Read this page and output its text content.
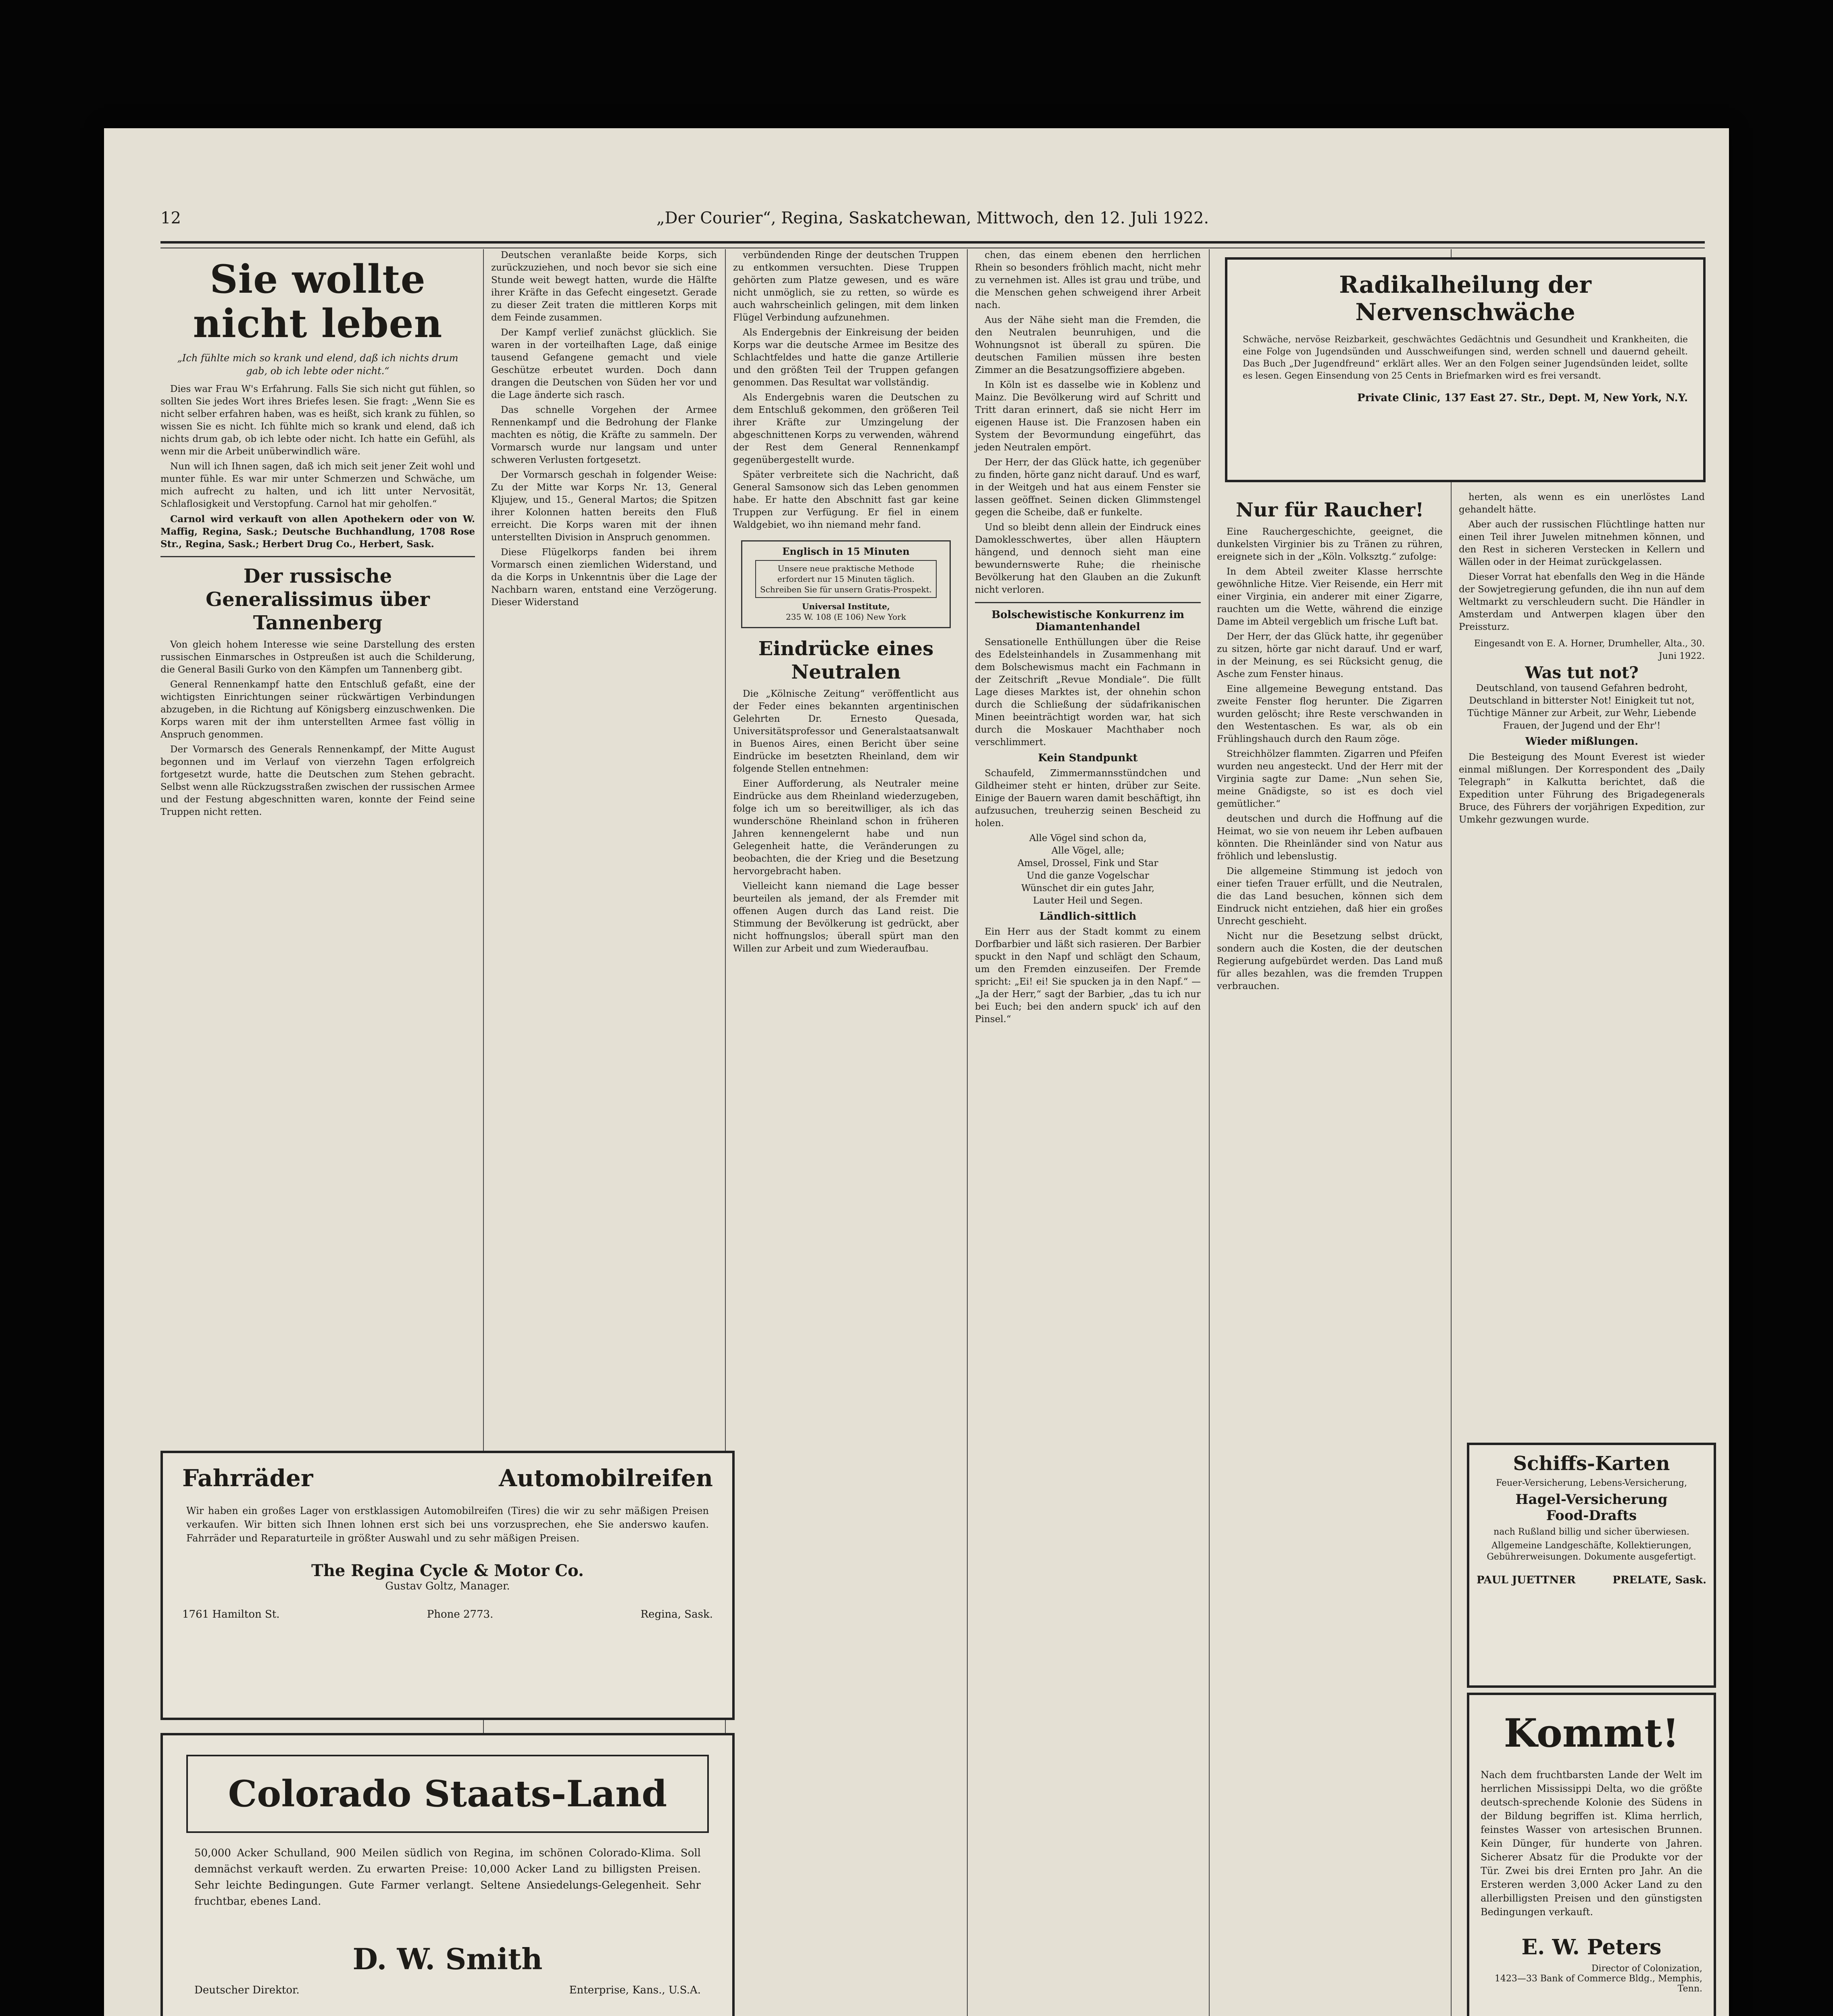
12	„Der Courier“, Regina, Saskatchewan, Mittwoch, den 12. Juli 1922.
Sie wollte nicht leben
„Ich fühlte mich so krank und elend, daß ich nichts drum gab, ob ich lebte oder nicht.“

Dies war Frau W's Erfahrung. Falls Sie sich nicht gut fühlen, so sollten Sie jedes Wort ihres Briefes lesen. Sie fragt: „Wenn Sie es nicht selber erfahren haben, was es heißt, sich krank zu fühlen, so wissen Sie es nicht. Ich fühlte mich so krank und elend, daß ich nichts drum gab, ob ich lebte oder nicht. Ich hatte ein Gefühl, als wenn mir die Arbeit unüberwindlich wäre.

Nun will ich Ihnen sagen, daß ich mich seit jener Zeit wohl und munter fühle. Es war mir unter Schmerzen und Schwäche, um mich aufrecht zu halten, und ich litt unter Nervosität, Schlaflosigkeit und Verstopfung. Carnol hat mir geholfen.“

Carnol wird verkauft von allen Apothekern oder von W. Maffig, Regina, Sask.; Deutsche Buchhandlung, 1708 Rose Str., Regina, Sask.; Herbert Drug Co., Herbert, Sask.

Der russische Generalissimus über Tannenberg

Von gleich hohem Interesse wie seine Darstellung des ersten russischen Einmarsches in Ostpreußen ist auch die Schilderung, die General Basili Gurko von den Kämpfen um Tannenberg gibt.

General Rennenkampf hatte den Entschluß gefaßt, eine der wichtigsten Einrichtungen seiner rückwärtigen Verbindungen abzugeben, in die Richtung auf Königsberg einzuschwenken. Die Korps waren mit der ihm unterstellten Armee fast völlig in Anspruch genommen.

Der Vormarsch des Generals Rennenkampf, der Mitte August begonnen und im Verlauf von vierzehn Tagen erfolgreich fortgesetzt wurde, hatte die Deutschen zum Stehen gebracht. Selbst wenn alle Rückzugsstraßen zwischen der russischen Armee und der Festung abgeschnitten waren, konnte der Feind seine Truppen nicht retten.

Fahrräder	Automobilreifen
Wir haben ein großes Lager von erstklassigen Automobilreifen (Tires) die wir zu sehr mäßigen Preisen verkaufen. Wir bitten sich Ihnen lohnen erst sich bei uns vorzusprechen, ehe Sie anderswo kaufen. Fahrräder und Reparaturteile in größter Auswahl und zu sehr mäßigen Preisen.
The Regina Cycle & Motor Co.
Gustav Goltz, Manager.
1761 Hamilton St.	Phone 2773.	Regina, Sask.
Colorado Staats-Land
50,000 Acker Schulland, 900 Meilen südlich von Regina, im schönen Colorado-Klima. Soll demnächst verkauft werden. Zu erwarten Preise: 10,000 Acker Land zu billigsten Preisen. Sehr leichte Bedingungen. Gute Farmer verlangt. Seltene Ansiedelungs-Gelegenheit. Sehr fruchtbar, ebenes Land.
D. W. Smith
Deutscher Direktor.	Enterprise, Kans., U.S.A.

Deutschen veranlaßte beide Korps, sich zurückzuziehen, und noch bevor sie sich eine Stunde weit bewegt hatten, wurde die Hälfte ihrer Kräfte in das Gefecht eingesetzt. Gerade zu dieser Zeit traten die mittleren Korps mit dem Feinde zusammen.

Der Kampf verlief zunächst glücklich. Sie waren in der vorteilhaften Lage, daß einige tausend Gefangene gemacht und viele Geschütze erbeutet wurden. Doch dann drangen die Deutschen von Süden her vor und die Lage änderte sich rasch.

Das schnelle Vorgehen der Armee Rennenkampf und die Bedrohung der Flanke machten es nötig, die Kräfte zu sammeln. Der Vormarsch wurde nur langsam und unter schweren Verlusten fortgesetzt.

Der Vormarsch geschah in folgender Weise: Zu der Mitte war Korps Nr. 13, General Kljujew, und 15., General Martos; die Spitzen ihrer Kolonnen hatten bereits den Fluß erreicht. Die Korps waren mit der ihnen unterstellten Division in Anspruch genommen.

Diese Flügelkorps fanden bei ihrem Vormarsch einen ziemlichen Widerstand, und da die Korps in Unkenntnis über die Lage der Nachbarn waren, entstand eine Verzögerung. Dieser Widerstand

verbündenden Ringe der deutschen Truppen zu entkommen versuchten. Diese Truppen gehörten zum Platze gewesen, und es wäre nicht unmöglich, sie zu retten, so würde es auch wahrscheinlich gelingen, mit dem linken Flügel Verbindung aufzunehmen.

Als Endergebnis der Einkreisung der beiden Korps war die deutsche Armee im Besitze des Schlachtfeldes und hatte die ganze Artillerie und den größten Teil der Truppen gefangen genommen. Das Resultat war vollständig.

Als Endergebnis waren die Deutschen zu dem Entschluß gekommen, den größeren Teil ihrer Kräfte zur Umzingelung der abgeschnittenen Korps zu verwenden, während der Rest dem General Rennenkampf gegenübergestellt wurde.

Später verbreitete sich die Nachricht, daß General Samsonow sich das Leben genommen habe. Er hatte den Abschnitt fast gar keine Truppen zur Verfügung. Er fiel in einem Waldgebiet, wo ihn niemand mehr fand.

Englisch in 15 Minuten
Unsere neue praktische Methode erfordert nur 15 Minuten täglich. Schreiben Sie für unsern Gratis-Prospekt.
Universal Institute,
235 W. 108 (E 106) New York
Eindrücke eines Neutralen

Die „Kölnische Zeitung“ veröffentlicht aus der Feder eines bekannten argentinischen Gelehrten Dr. Ernesto Quesada, Universitätsprofessor und Generalstaatsanwalt in Buenos Aires, einen Bericht über seine Eindrücke im besetzten Rheinland, dem wir folgende Stellen entnehmen:

Einer Aufforderung, als Neutraler meine Eindrücke aus dem Rheinland wiederzugeben, folge ich um so bereitwilliger, als ich das wunderschöne Rheinland schon in früheren Jahren kennengelernt habe und nun Gelegenheit hatte, die Veränderungen zu beobachten, die der Krieg und die Besetzung hervorgebracht haben.

Vielleicht kann niemand die Lage besser beurteilen als jemand, der als Fremder mit offenen Augen durch das Land reist. Die Stimmung der Bevölkerung ist gedrückt, aber nicht hoffnungslos; überall spürt man den Willen zur Arbeit und zum Wiederaufbau.

chen, das einem ebenen den herrlichen Rhein so besonders fröhlich macht, nicht mehr zu vernehmen ist. Alles ist grau und trübe, und die Menschen gehen schweigend ihrer Arbeit nach.

Aus der Nähe sieht man die Fremden, die den Neutralen beunruhigen, und die Wohnungsnot ist überall zu spüren. Die deutschen Familien müssen ihre besten Zimmer an die Besatzungsoffiziere abgeben.

In Köln ist es dasselbe wie in Koblenz und Mainz. Die Bevölkerung wird auf Schritt und Tritt daran erinnert, daß sie nicht Herr im eigenen Hause ist. Die Franzosen haben ein System der Bevormundung eingeführt, das jeden Neutralen empört.

Der Herr, der das Glück hatte, ich gegenüber zu finden, hörte ganz nicht darauf. Und es warf, in der Weitgeh und hat aus einem Fenster sie lassen geöffnet. Seinen dicken Glimmstengel gegen die Scheibe, daß er funkelte.

Und so bleibt denn allein der Eindruck eines Damoklesschwertes, über allen Häuptern hängend, und dennoch sieht man eine bewundernswerte Ruhe; die rheinische Bevölkerung hat den Glauben an die Zukunft nicht verloren.

Bolschewistische Konkurrenz im Diamantenhandel

Sensationelle Enthüllungen über die Reise des Edelsteinhandels in Zusammenhang mit dem Bolschewismus macht ein Fachmann in der Zeitschrift „Revue Mondiale“. Die füllt Lage dieses Marktes ist, der ohnehin schon durch die Schließung der südafrikanischen Minen beeinträchtigt worden war, hat sich durch die Moskauer Machthaber noch verschlimmert.

Kein Standpunkt

Schaufeld, Zimmermannsstündchen und Gildheimer steht er hinten, drüber zur Seite. Einige der Bauern waren damit beschäftigt, ihn aufzusuchen, treuherzig seinen Bescheid zu holen.

Alle Vögel sind schon da,
Alle Vögel, alle;
Amsel, Drossel, Fink und Star
Und die ganze Vogelschar
Wünschet dir ein gutes Jahr,
Lauter Heil und Segen.
Ländlich-sittlich

Ein Herr aus der Stadt kommt zu einem Dorfbarbier und läßt sich rasieren. Der Barbier spuckt in den Napf und schlägt den Schaum, um den Fremden einzuseifen. Der Fremde spricht: „Ei! ei! Sie spucken ja in den Napf.“ — „Ja der Herr,“ sagt der Barbier, „das tu ich nur bei Euch; bei den andern spuck' ich auf den Pinsel.“

Nur für Raucher!

Eine Rauchergeschichte, geeignet, die dunkelsten Virginier bis zu Tränen zu rühren, ereignete sich in der „Köln. Volksztg.“ zufolge:

In dem Abteil zweiter Klasse herrschte gewöhnliche Hitze. Vier Reisende, ein Herr mit einer Virginia, ein anderer mit einer Zigarre, rauchten um die Wette, während die einzige Dame im Abteil vergeblich um frische Luft bat.

Der Herr, der das Glück hatte, ihr gegenüber zu sitzen, hörte gar nicht darauf. Und er warf, in der Meinung, es sei Rücksicht genug, die Asche zum Fenster hinaus.

Eine allgemeine Bewegung entstand. Das zweite Fenster flog herunter. Die Zigarren wurden gelöscht; ihre Reste verschwanden in den Westentaschen. Es war, als ob ein Frühlingshauch durch den Raum zöge.

Streichhölzer flammten. Zigarren und Pfeifen wurden neu angesteckt. Und der Herr mit der Virginia sagte zur Dame: „Nun sehen Sie, meine Gnädigste, so ist es doch viel gemütlicher.“

deutschen und durch die Hoffnung auf die Heimat, wo sie von neuem ihr Leben aufbauen könnten. Die Rheinländer sind von Natur aus fröhlich und lebenslustig.

Die allgemeine Stimmung ist jedoch von einer tiefen Trauer erfüllt, und die Neutralen, die das Land besuchen, können sich dem Eindruck nicht entziehen, daß hier ein großes Unrecht geschieht.

Nicht nur die Besetzung selbst drückt, sondern auch die Kosten, die der deutschen Regierung aufgebürdet werden. Das Land muß für alles bezahlen, was die fremden Truppen verbrauchen.

Radikalheilung der Nervenschwäche
Schwäche, nervöse Reizbarkeit, geschwächtes Gedächtnis und Gesundheit und Krankheiten, die eine Folge von Jugendsünden und Ausschweifungen sind, werden schnell und dauernd geheilt. Das Buch „Der Jugendfreund“ erklärt alles. Wer an den Folgen seiner Jugendsünden leidet, sollte es lesen. Gegen Einsendung von 25 Cents in Briefmarken wird es frei versandt.
Private Clinic, 137 East 27. Str., Dept. M, New York, N.Y.

herten, als wenn es ein unerlöstes Land gehandelt hätte.

Aber auch der russischen Flüchtlinge hatten nur einen Teil ihrer Juwelen mitnehmen können, und den Rest in sicheren Verstecken in Kellern und Wällen oder in der Heimat zurückgelassen.

Dieser Vorrat hat ebenfalls den Weg in die Hände der Sowjetregierung gefunden, die ihn nun auf dem Weltmarkt zu verschleudern sucht. Die Händler in Amsterdam und Antwerpen klagen über den Preissturz.

Eingesandt von E. A. Horner, Drumheller, Alta., 30. Juni 1922.
Was tut not?
Deutschland, von tausend Gefahren bedroht, Deutschland in bitterster Not! Einigkeit tut not, Tüchtige Männer zur Arbeit, zur Wehr, Liebende Frauen, der Jugend und der Ehr'!
Wieder mißlungen.

Die Besteigung des Mount Everest ist wieder einmal mißlungen. Der Korrespondent des „Daily Telegraph“ in Kalkutta berichtet, daß die Expedition unter Führung des Brigadegenerals Bruce, des Führers der vorjährigen Expedition, zur Umkehr gezwungen wurde.

Schiffs-Karten
Feuer-Versicherung, Lebens-Versicherung,
Hagel-Versicherung
Food-Drafts
nach Rußland billig und sicher überwiesen.
Allgemeine Landgeschäfte, Kollektierungen, Gebührerweisungen. Dokumente ausgefertigt.
PAUL JUETTNER	PRELATE, Sask.
Kommt!
Nach dem fruchtbarsten Lande der Welt im herrlichen Mississippi Delta, wo die größte deutsch-sprechende Kolonie des Südens in der Bildung begriffen ist. Klima herrlich, feinstes Wasser von artesischen Brunnen. Kein Dünger, für hunderte von Jahren. Sicherer Absatz für die Produkte vor der Tür. Zwei bis drei Ernten pro Jahr. An die Ersteren werden 3,000 Acker Land zu den allerbilligsten Preisen und den günstigsten Bedingungen verkauft.
E. W. Peters
Director of Colonization,
1423—33 Bank of Commerce Bldg., Memphis, Tenn.
